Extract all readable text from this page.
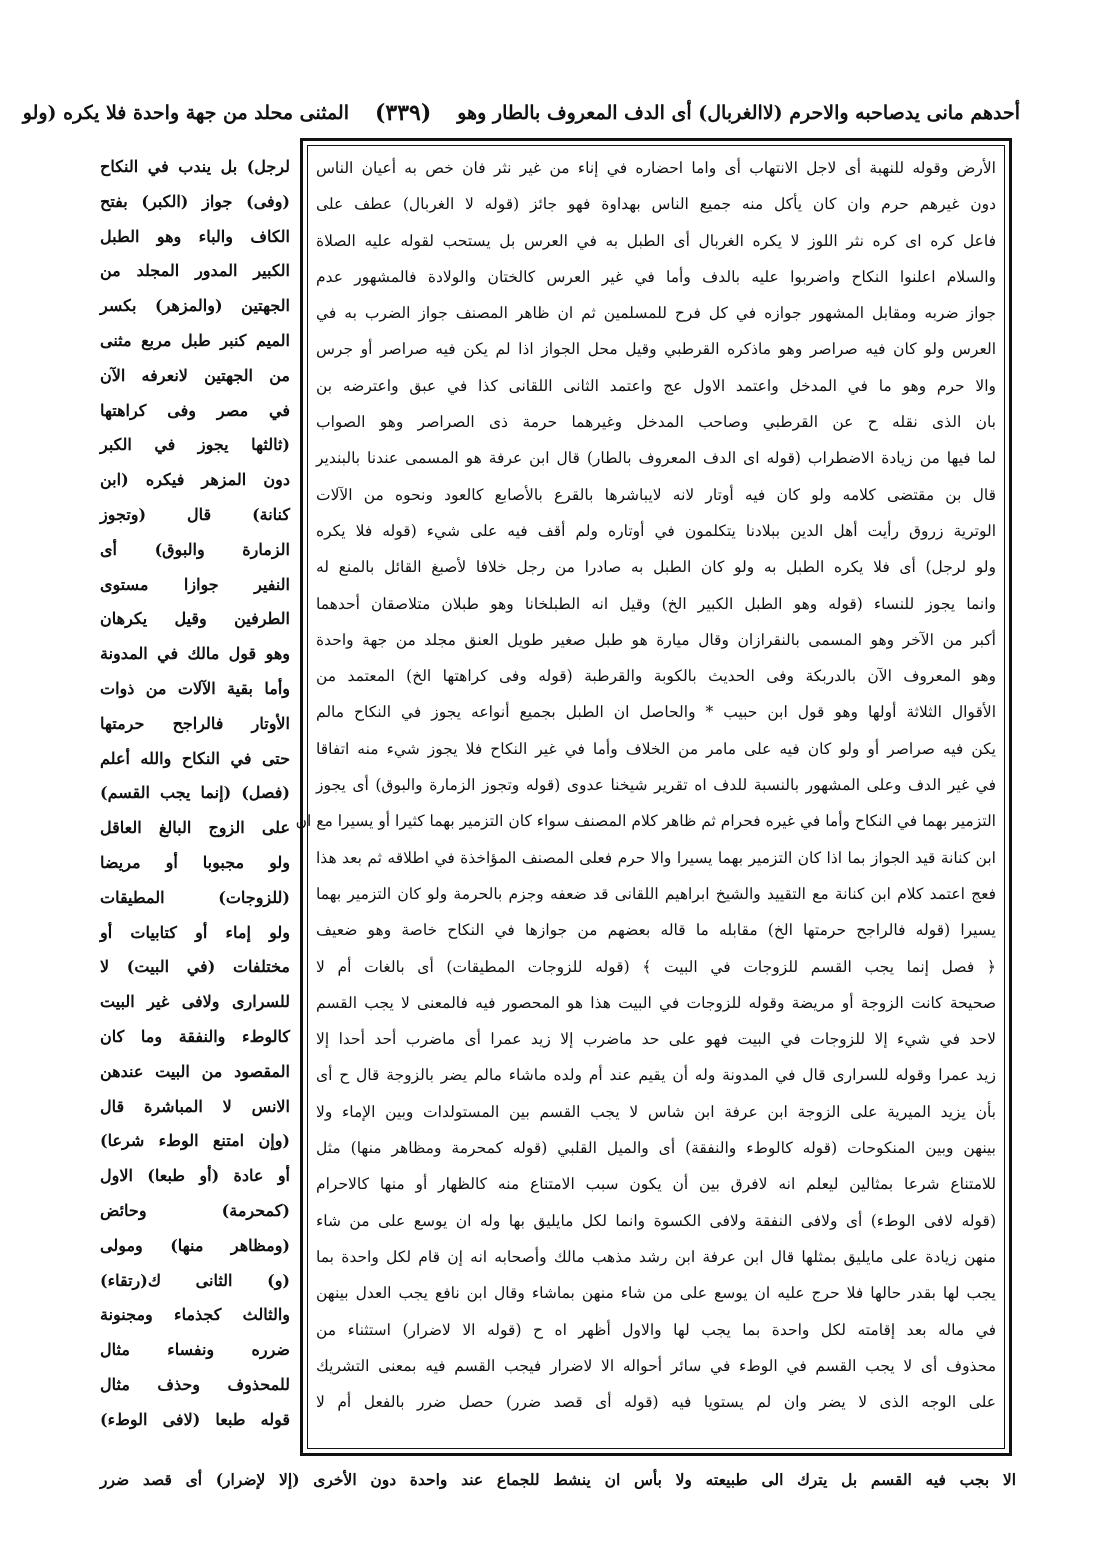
أحدهم مانى يدصاحبه والاحرم (لاالغربال) أى الدف المعروف بالطار وهو
(٣٣٩)
المثنى محلد من جهة واحدة فلا يكره (ولو
الأرض وقوله للنهبة أى لاجل الانتهاب أى واما احضاره في إناء من غير نثر فان خص به أعيان الناس
دون غيرهم حرم وان كان يأكل منه جميع الناس بهداوة فهو جائز (قوله لا الغربال) عطف على
فاعل كره اى كره نثر اللوز لا يكره الغربال أى الطبل به في العرس بل يستحب لقوله عليه الصلاة
والسلام اعلنوا النكاح واضربوا عليه بالدف وأما في غير العرس كالختان والولادة فالمشهور عدم
جواز ضربه ومقابل المشهور جوازه في كل فرح للمسلمين ثم ان ظاهر المصنف جواز الضرب به في
العرس ولو كان فيه صراصر وهو ماذكره القرطبي وقيل محل الجواز اذا لم يكن فيه صراصر أو جرس
والا حرم وهو ما في المدخل واعتمد الاول عج واعتمد الثانى اللقانى كذا في عبق واعترضه بن
بان الذى نقله ح عن القرطبي وصاحب المدخل وغيرهما حرمة ذى الصراصر وهو الصواب
لما فيها من زيادة الاضطراب (قوله اى الدف المعروف بالطار) قال ابن عرفة هو المسمى عندنا بالبندير
قال بن مقتضى كلامه ولو كان فيه أوتار لانه لايباشرها بالقرع بالأصابع كالعود ونحوه من الآلات
الوترية زروق رأيت أهل الدين ببلادنا يتكلمون في أوتاره ولم أقف فيه على شيء (قوله فلا يكره
ولو لرجل) أى فلا يكره الطبل به ولو كان الطبل به صادرا من رجل خلافا لأصبغ القائل بالمنع له
وانما يجوز للنساء (قوله وهو الطبل الكبير الخ) وقيل انه الطبلخانا وهو طبلان متلاصقان أحدهما
أكبر من الآخر وهو المسمى بالنقرازان وقال ميارة هو طبل صغير طويل العنق مجلد من جهة واحدة
وهو المعروف الآن بالدربكة وفى الحديث بالكوبة والقرطبة (قوله وفى كراهتها الخ) المعتمد من
الأقوال الثلاثة أولها وهو قول ابن حبيب * والحاصل ان الطبل بجميع أنواعه يجوز في النكاح مالم
يكن فيه صراصر أو ولو كان فيه على مامر من الخلاف وأما في غير النكاح فلا يجوز شيء منه اتفاقا
في غير الدف وعلى المشهور بالنسبة للدف اه تقرير شيخنا عدوى (قوله وتجوز الزمارة والبوق) أى يجوز
التزمير بهما في النكاح وأما في غيره فحرام ثم ظاهر كلام المصنف سواء كان التزمير بهما كثيرا أو يسيرا مع ان
ابن كنانة قيد الجواز بما اذا كان التزمير بهما يسيرا والا حرم فعلى المصنف المؤاخذة في اطلاقه ثم بعد هذا
فعج اعتمد كلام ابن كنانة مع التقييد والشيخ ابراهيم اللقانى قد ضعفه وجزم بالحرمة ولو كان التزمير بهما
يسيرا (قوله فالراجح حرمتها الخ) مقابله ما قاله بعضهم من جوازها في النكاح خاصة وهو ضعيف
﴿ فصل إنما يجب القسم للزوجات في البيت ﴾ (قوله للزوجات المطيقات) أى بالغات أم لا
صحيحة كانت الزوجة أو مريضة وقوله للزوجات في البيت هذا هو المحصور فيه فالمعنى لا يجب القسم
لاحد في شيء إلا للزوجات في البيت فهو على حد ماضرب إلا زيد عمرا أى ماضرب أحد أحدا إلا
زيد عمرا وقوله للسرارى قال في المدونة وله أن يقيم عند أم ولده ماشاء مالم يضر بالزوجة قال ح أى
بأن يزيد الميرية على الزوجة ابن عرفة ابن شاس لا يجب القسم بين المستولدات وبين الإماء ولا
بينهن وبين المنكوحات (قوله كالوطء والنفقة) أى والميل القلبي (قوله كمحرمة ومظاهر منها) مثل
للامتناع شرعا بمثالين ليعلم انه لافرق بين أن يكون سبب الامتناع منه كالظهار أو منها كالاحرام
(قوله لافى الوطء) أى ولافى النفقة ولافى الكسوة وانما لكل مايليق بها وله ان يوسع على من شاء
منهن زيادة على مايليق بمثلها قال ابن عرفة ابن رشد مذهب مالك وأصحابه انه إن قام لكل واحدة بما
يجب لها بقدر حالها فلا حرج عليه ان يوسع على من شاء منهن بماشاء وقال ابن نافع يجب العدل بينهن
في ماله بعد إقامته لكل واحدة بما يجب لها والاول أظهر اه ح (قوله الا لاضرار) استثناء من
محذوف أى لا يجب القسم في الوطء في سائر أحواله الا لاضرار فيجب القسم فيه بمعنى التشريك
على الوجه الذى لا يضر وان لم يستويا فيه (قوله أى قصد ضرر) حصل ضرر بالفعل أم لا
لرجل) بل يندب في النكاح
(وفى) جواز (الكبر) بفتح
الكاف والباء وهو الطبل
الكبير المدور المجلد من
الجهتين (والمزهر) بكسر
الميم كنبر طبل مربع مثنى
من الجهتين لانعرفه الآن
في مصر وفى كراهتها
(ثالثها يجوز في الكبر
دون المزهر فيكره (ابن
كنانة) قال (وتجوز
الزمارة والبوق) أى
النفير جوازا مستوى
الطرفين وقيل يكرهان
وهو قول مالك في المدونة
وأما بقية الآلات من ذوات
الأوتار فالراجح حرمتها
حتى في النكاح والله أعلم
(فصل) (إنما يجب القسم)
على الزوج البالغ العاقل
ولو مجبوبا أو مريضا
(للزوجات) المطيقات
ولو إماء أو كتابيات أو
مختلفات (في البيت) لا
للسرارى ولافى غير البيت
كالوطء والنفقة وما كان
المقصود من البيت عندهن
الانس لا المباشرة قال
(وإن امتنع الوطء شرعا)
أو عادة (أو طبعا) الاول
(كمحرمة) وحائض
(ومظاهر منها) ومولى
(و) الثانى ك(رتقاء)
والثالث كجذماء ومجنونة
ضرره ونفساء مثال
للمحذوف وحذف مثال
قوله طبعا (لافى الوطء)
الا بجب فيه القسم بل يترك الى طبيعته ولا بأس ان ينشط للجماع عند واحدة دون الأخرى (إلا لإضرار) أى قصد ضرر
